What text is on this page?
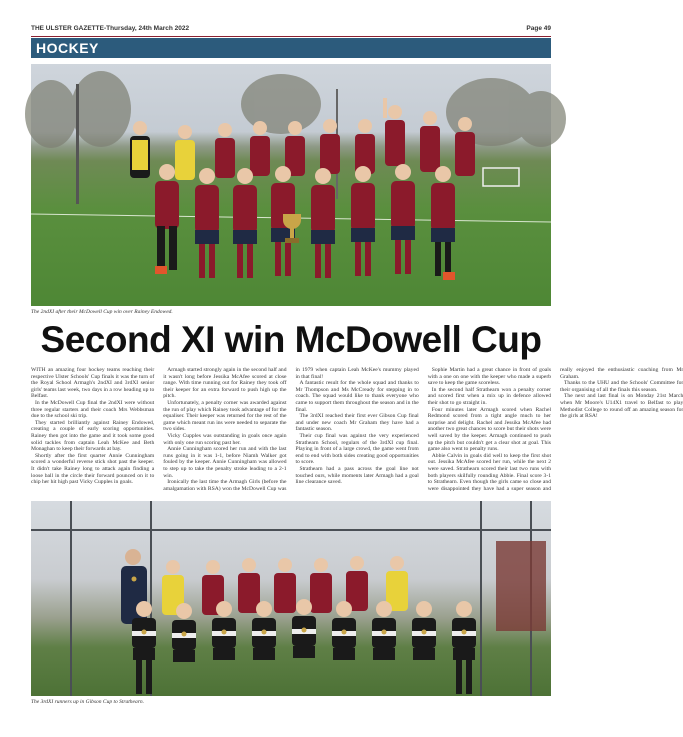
THE ULSTER GAZETTE-Thursday, 24th March 2022	Page 49
HOCKEY
The 2ndXI after their McDowell Cup win over Rainey Endowed.
Second XI win McDowell Cup

WITH an amazing four hockey teams reaching their respective Ulster Schools' Cup finals it was the turn of the Royal School Armagh's 2ndXI and 3rdXI senior girls' teams last week, two days in a row heading up to Belfast.

In the McDowell Cup final the 2ndXI were without three regular starters and their coach Mrs Webbsman due to the school ski trip.

They started brilliantly against Rainey Endowed, creating a couple of early scoring opportunities. Rainey then got into the game and it took some good solid tackles from captain Leah McKee and Beth Monaghan to keep their forwards at bay.

Shortly after the first quarter Annie Cunningham scored a wonderful reverse stick shot past the keeper. It didn't take Rainey long to attack again finding a loose ball in the circle their forward pounced on it to chip her hit high past Vicky Cupples in goals.

Armagh started strongly again in the second half and it wasn't long before Jessika McAfee scored at close range. With time running out for Rainey they took off their keeper for an extra forward to push high up the pitch.

Unfortunately, a penalty corner was awarded against the run of play which Rainey took advantage of for the equaliser. Their keeper was returned for the rest of the game which meant run ins were needed to separate the two sides.

Vicky Cupples was outstanding in goals once again with only one run scoring past her.

Annie Cunningham scored her run and with the last runs going in it was 1-1, before Niamh Walker got fouled by the keeper. Annie Cunningham was allowed to step up to take the penalty stroke leading to a 2-1 win.

Ironically the last time the Armagh Girls (before the amalgamation with RSA) won the McDowell Cup was in 1979 when captain Leah McKee's mummy played in that final!

A fantastic result for the whole squad and thanks to Mr Thompson and Ms McCready for stepping in to coach. The squad would like to thank everyone who came to support them throughout the season and in the final.

The 3rdXI reached their first ever Gibson Cup final and under new coach Mr Graham they have had a fantastic season.

Their cup final was against the very experienced Strathearn School, regulars of the 3rdXI cup final. Playing in front of a large crowd, the game went from end to end with both sides creating good opportunities to score.

Strathearn had a pass across the goal line not touched ours, while moments later Armagh had a goal line clearance saved.

Sophie Martin had a great chance in front of goals with a one on one with the keeper who made a superb save to keep the game scoreless.

In the second half Strathearn won a penalty corner and scored first when a mix up in defence allowed their shot to go straight in.

Four minutes later Armagh scored when Rachel Redmond scored from a tight angle much to her surprise and delight. Rachel and Jessika McAfee had another two great chances to score but their shots were well saved by the keeper. Armagh continued to push up the pitch but couldn't get a clear shot at goal. This game also went to penalty runs.

Abbie Calvin in goals did well to keep the first shot out. Jessika McAfee scored her run, while the next 2 were saved. Strathearn scored their last two runs with both players skilfully rounding Abbie. Final score 3-1 to Strathearn. Even though the girls came so close and were disappointed they have had a super season and really enjoyed the enthusiastic coaching from Mr Graham.

Thanks to the UHU and the Schools' Committee for their organising of all the finals this season.

The next and last final is on Monday 21st March when Mr Moore's U14X1 travel to Belfast to play Methodist College to round off an amazing season for the girls at RSA!

The 3rdXI runners up in Gibson Cup to Strathearn.
